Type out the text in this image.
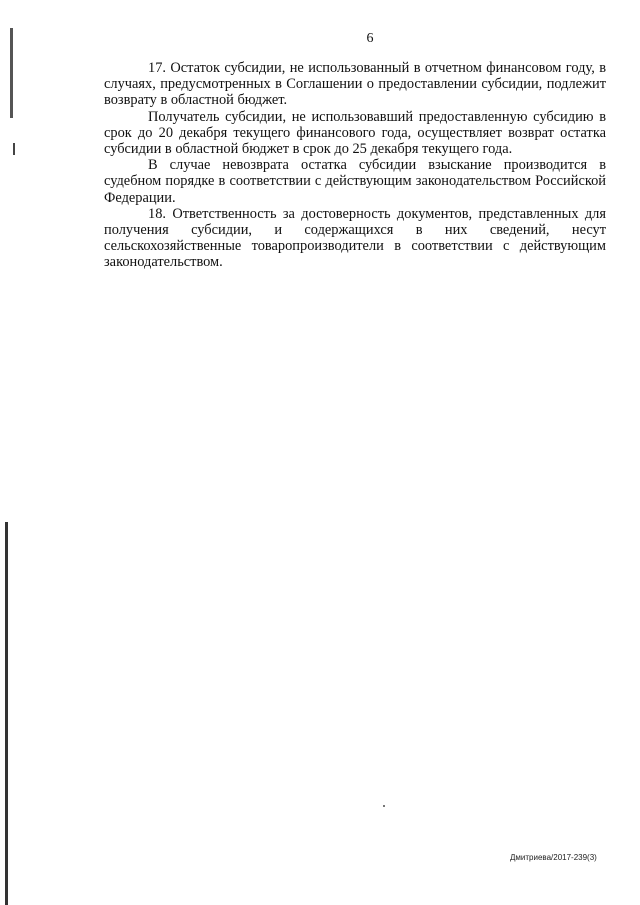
6

17. Остаток субсидии, не использованный в отчетном финансовом году, в случаях, предусмотренных в Соглашении о предоставлении субсидии, подлежит возврату в областной бюджет.

Получатель субсидии, не использовавший предоставленную субсидию в срок до 20 декабря текущего финансового года, осуществляет возврат остатка субсидии в областной бюджет в срок до 25 декабря текущего года.

В случае невозврата остатка субсидии взыскание производится в судебном порядке в соответствии с действующим законодательством Российской Федерации.

18. Ответственность за достоверность документов, представленных для получения субсидии, и содержащихся в них сведений, несут сельскохозяйственные товаропроизводители в соответствии с действующим законодательством.

Дмитриева/2017-239(3)
